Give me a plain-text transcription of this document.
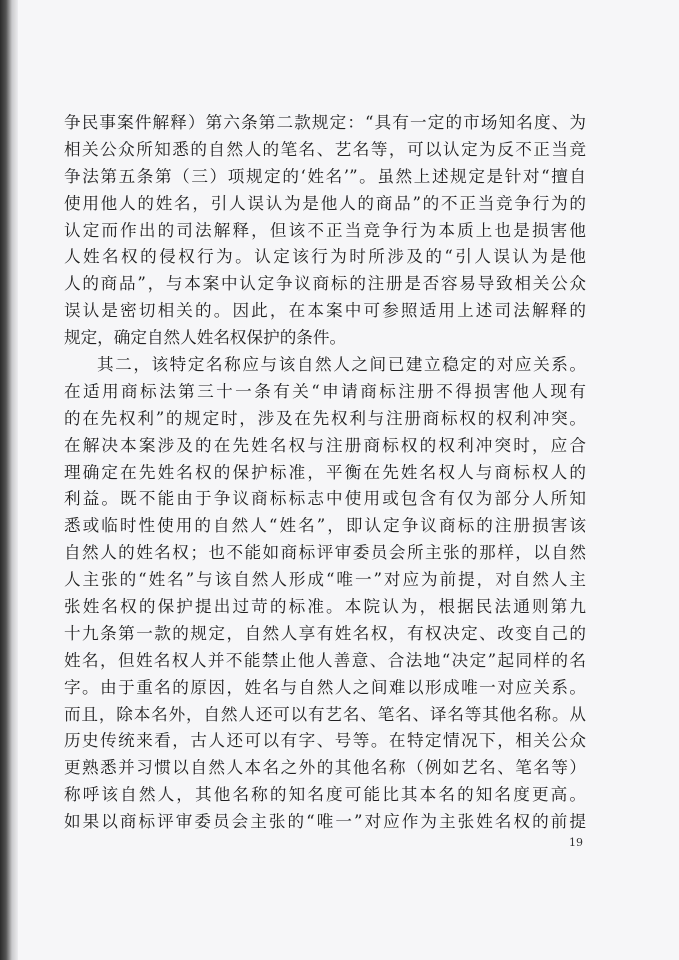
争民事案件解释）第六条第二款规定：“具有一定的市场知名度、为
相关公众所知悉的自然人的笔名、艺名等，可以认定为反不正当竞
争法第五条第（三）项规定的‘姓名’”。虽然上述规定是针对“擅自
使用他人的姓名，引人误认为是他人的商品”的不正当竞争行为的
认定而作出的司法解释，但该不正当竞争行为本质上也是损害他
人姓名权的侵权行为。认定该行为时所涉及的“引人误认为是他
人的商品”，与本案中认定争议商标的注册是否容易导致相关公众
误认是密切相关的。因此，在本案中可参照适用上述司法解释的
规定，确定自然人姓名权保护的条件。
其二，该特定名称应与该自然人之间已建立稳定的对应关系。
在适用商标法第三十一条有关“申请商标注册不得损害他人现有
的在先权利”的规定时，涉及在先权利与注册商标权的权利冲突。
在解决本案涉及的在先姓名权与注册商标权的权利冲突时，应合
理确定在先姓名权的保护标准，平衡在先姓名权人与商标权人的
利益。既不能由于争议商标标志中使用或包含有仅为部分人所知
悉或临时性使用的自然人“姓名”，即认定争议商标的注册损害该
自然人的姓名权；也不能如商标评审委员会所主张的那样，以自然
人主张的“姓名”与该自然人形成“唯一”对应为前提，对自然人主
张姓名权的保护提出过苛的标准。本院认为，根据民法通则第九
十九条第一款的规定，自然人享有姓名权，有权决定、改变自己的
姓名，但姓名权人并不能禁止他人善意、合法地“决定”起同样的名
字。由于重名的原因，姓名与自然人之间难以形成唯一对应关系。
而且，除本名外，自然人还可以有艺名、笔名、译名等其他名称。从
历史传统来看，古人还可以有字、号等。在特定情况下，相关公众
更熟悉并习惯以自然人本名之外的其他名称（例如艺名、笔名等）
称呼该自然人，其他名称的知名度可能比其本名的知名度更高。
如果以商标评审委员会主张的“唯一”对应作为主张姓名权的前提
19
